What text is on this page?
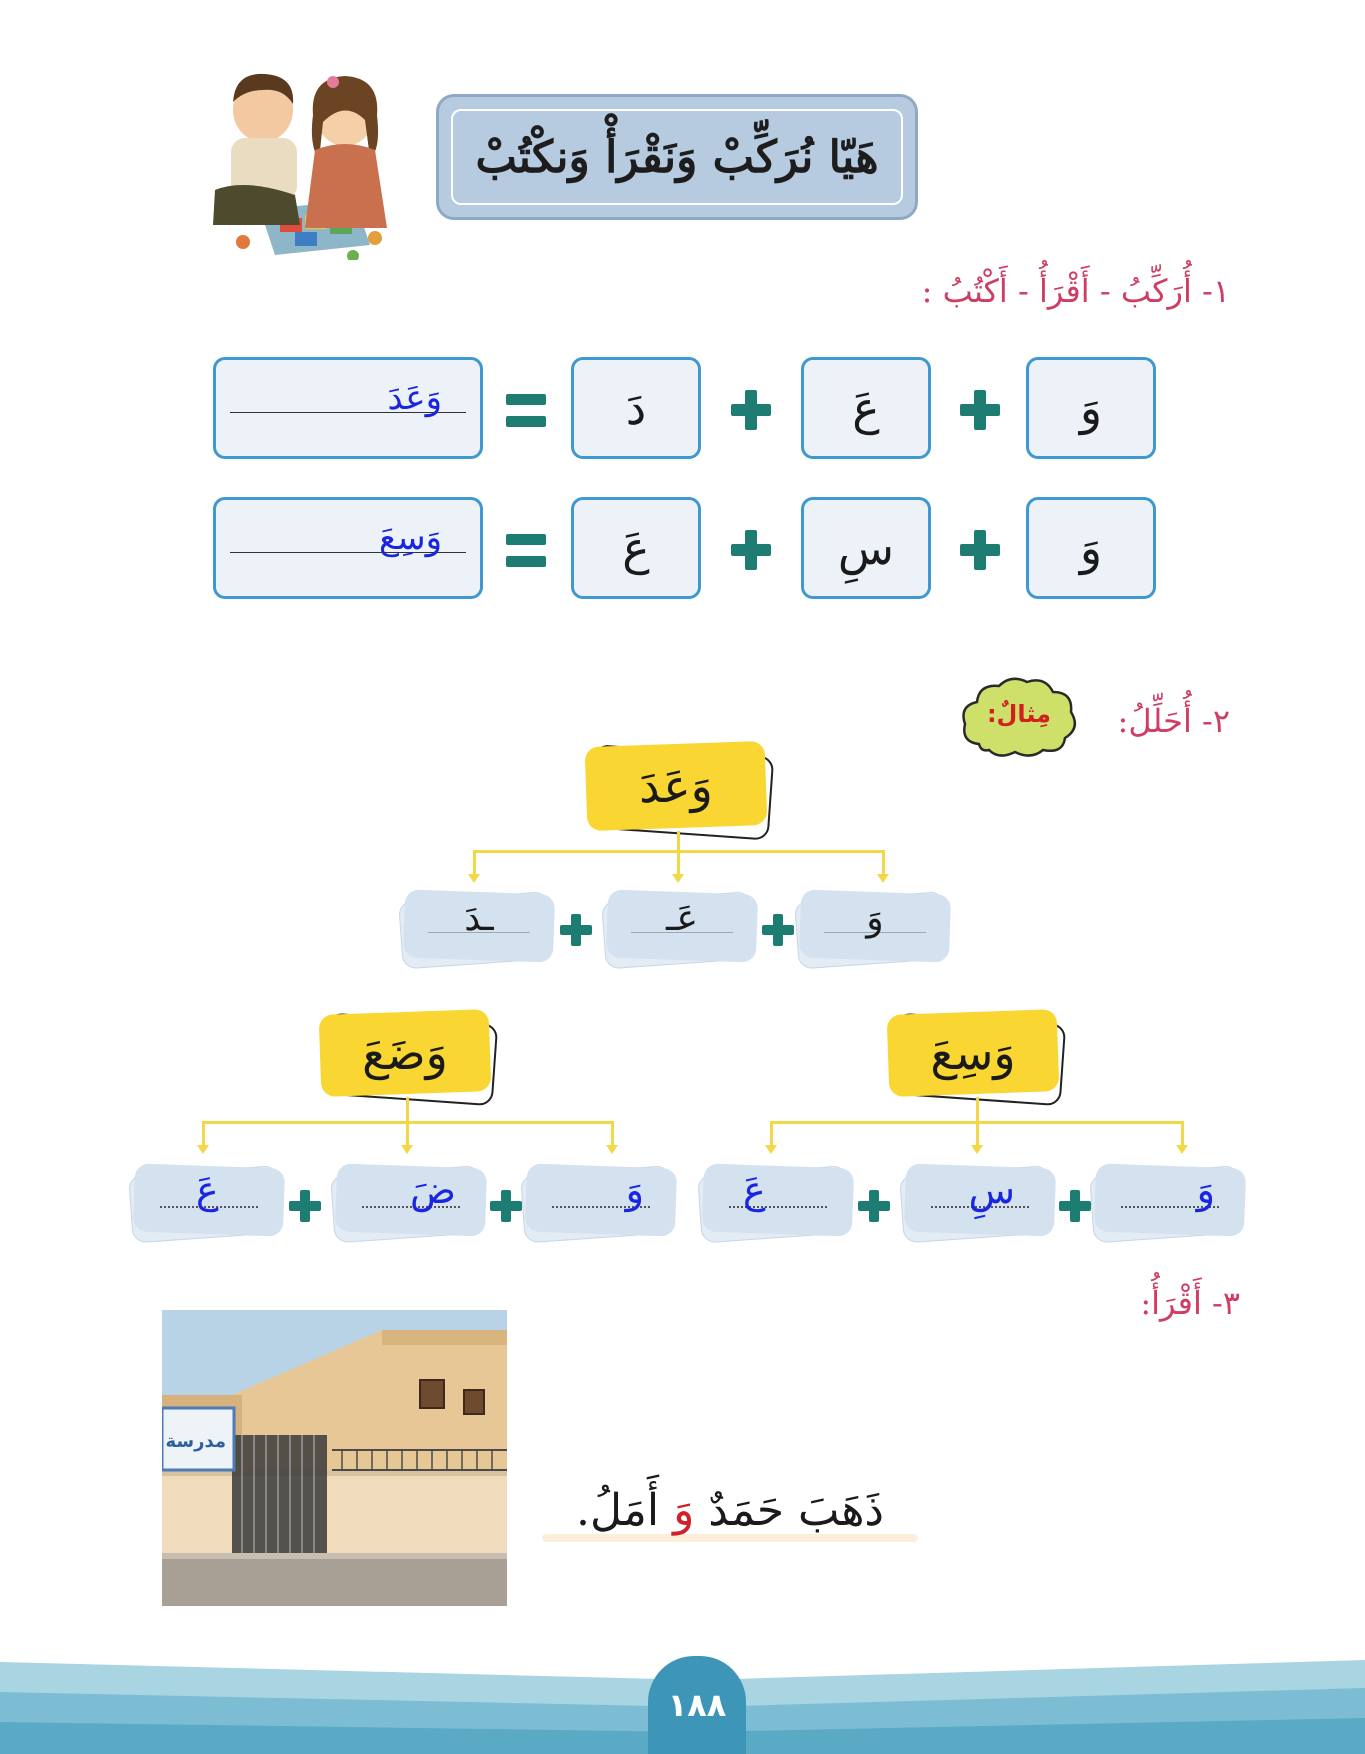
هَيّا نُرَكِّبْ وَنَقْرَأْ وَنكْتُبْ
١- أُرَكِّبُ - أَقْرَأُ - أَكْتُبُ :
وَ
عَ
دَ
وَعَدَ
وَ
سِ
عَ
وَسِعَ
٢- أُحَلِّلُ:
مِثالٌ:
وَعَدَ
وَ
عَـ
ـدَ
وَسِعَ
وَ
سِ
عَ
وَضَعَ
وَ
ضَ
عَ
٣- أَقْرَأُ:
مدرسة
ذَهَبَ حَمَدٌ وَ أَمَلُ.
١٨٨
